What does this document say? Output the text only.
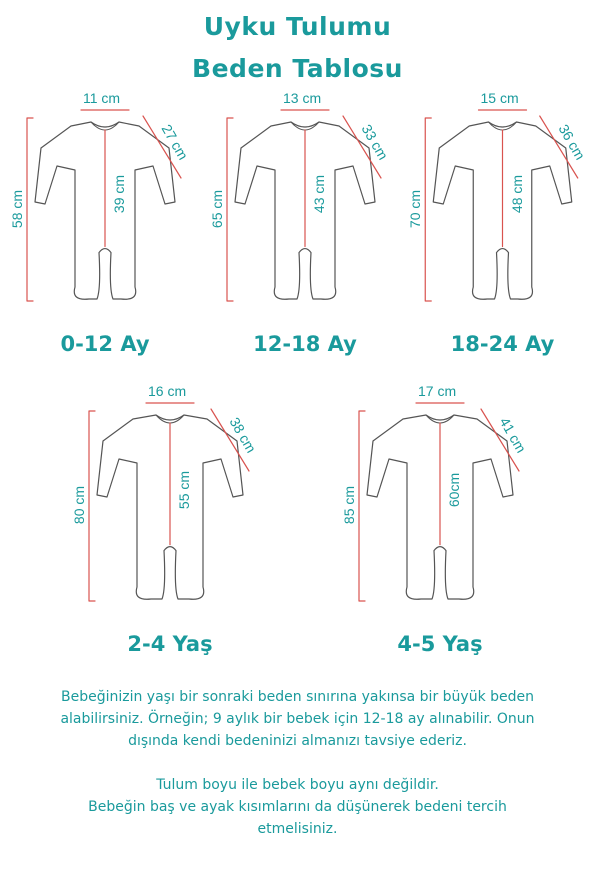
Uyku Tulumu
Beden Tablosu
11 cm
58 cm	39 cm
27 cm
0-12 Ay
13 cm
65 cm	43 cm
33 cm
12-18 Ay
15 cm
70 cm	48 cm
36 cm
18-24 Ay
16 cm
80 cm	55 cm
38 cm
2-4 Yaş
17 cm
85 cm	60cm
41 cm
4-5 Yaş
Bebeğinizin yaşı bir sonraki beden sınırına yakınsa bir büyük beden
alabilirsiniz. Örneğin; 9 aylık bir bebek için 12-18 ay alınabilir. Onun
dışında kendi bedeninizi almanızı tavsiye ederiz.
Tulum boyu ile bebek boyu aynı değildir.
Bebeğin baş ve ayak kısımlarını da düşünerek bedeni tercih
etmelisiniz.
